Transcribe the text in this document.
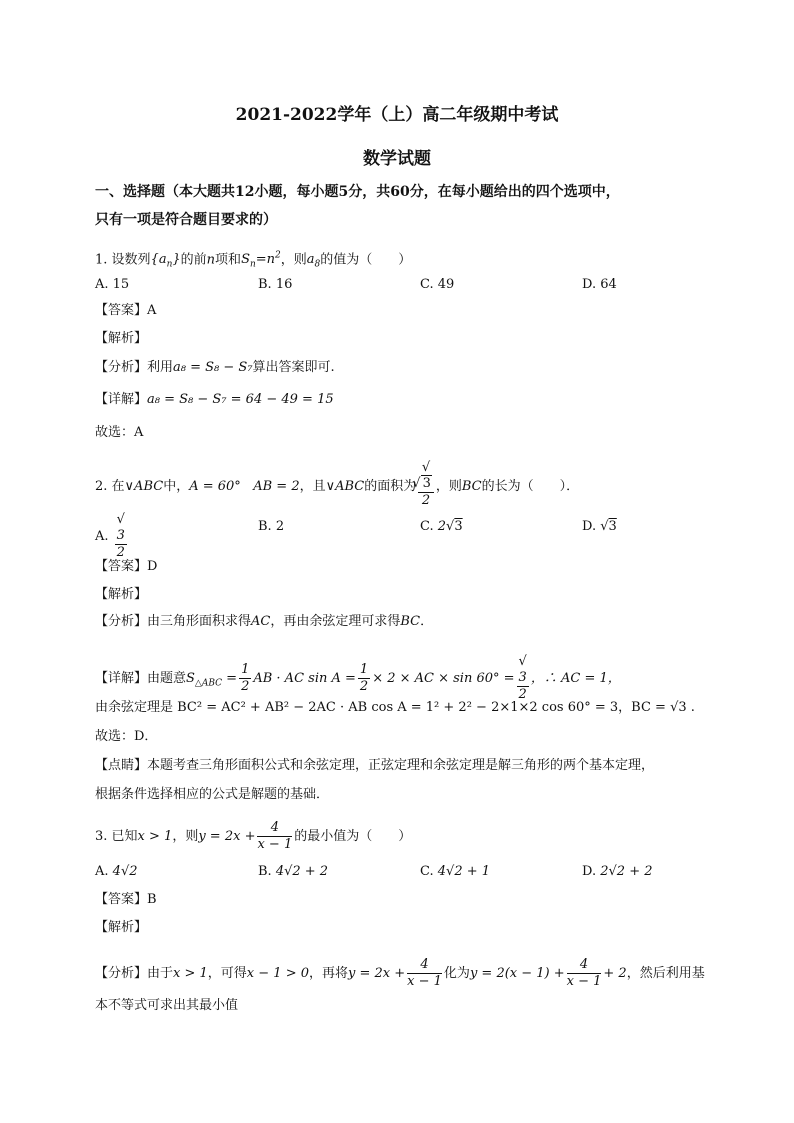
2021-2022学年（上）高二年级期中考试
数学试题
一、选择题（本大题共12小题，每小题5分，共60分，在每小题给出的四个选项中，
只有一项是符合题目要求的）
1. 设数列$\{a_n\}$的前n项和$S_n=n^2$，则$a_8$的值为（　　）
A. 15	B. 16	C. 49	D. 64
【答案】A
【解析】
【分析】利用a₈ = S₈ − S₇算出答案即可.
【详解】a₈ = S₈ − S₇ = 64 − 49 = 15
故选：A
2. 在∨ABC中，A = 60° AB = 2，且∨ABC的面积为 √
√ 3
2 ，则BC的长为（　　）．
A. √
3
2	B. 2	C. 2√3	D. √3
【答案】D
【解析】
【分析】由三角形面积求得AC，再由余弦定理可求得BC．
【详解】由题意$S_{\triangle ABC} = \frac{1}{2}$ AB · AC $\sin A = \frac{1}{2} \times 2$ × AC × sin 60° = √
3
2 ，∴ AC = 1，
由余弦定理是 BC² = AC² + AB² − 2AC · AB cos A = 1² + 2² − 2×1×2 cos 60° = 3，BC = √3 .
故选：D．
【点睛】本题考查三角形面积公式和余弦定理，正弦定理和余弦定理是解三角形的两个基本定理，
根据条件选择相应的公式是解题的基础．
3. 已知x > 1，则$y = 2x + \frac{4}{x - 1}$ 的最小值为（　　）
A. 4√2	B. 4√2 + 2	C. 4√2 + 1	D. 2√2 + 2
【答案】B
【解析】
【分析】由于x > 1，可得x − 1 > 0，再将$y = 2x + \frac{4}{x - 1}$ 化为$y = 2(x - 1) + \frac{4}{x - 1} + 2$，然后利用基
本不等式可求出其最小值
